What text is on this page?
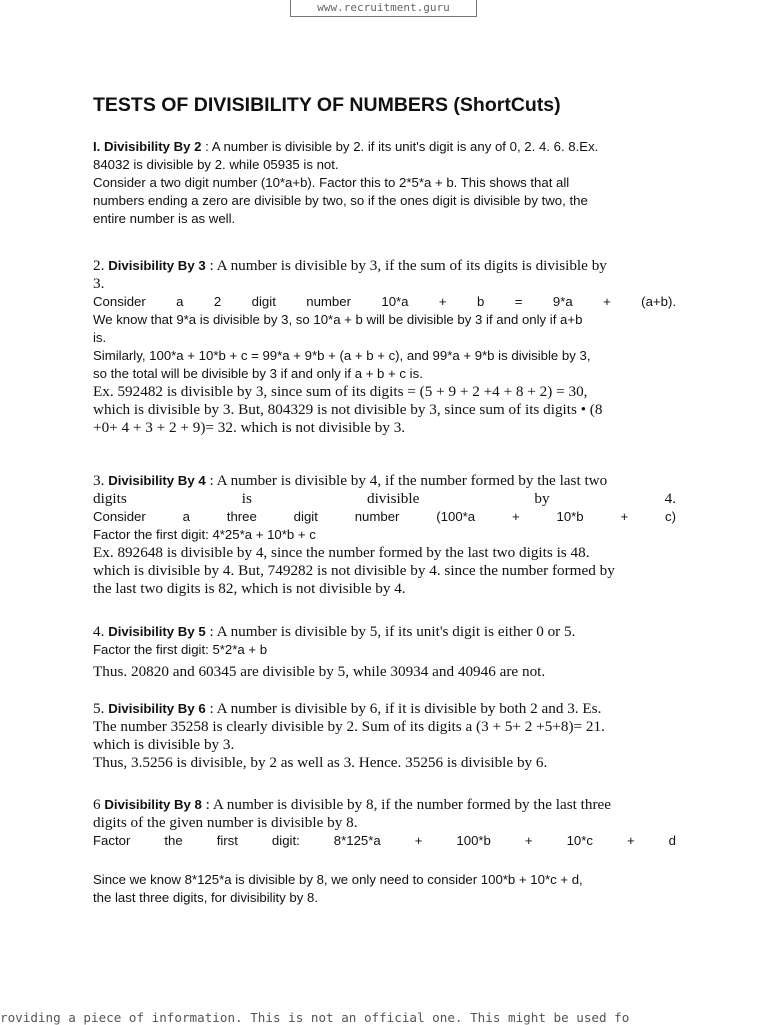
www.recruitment.guru
TESTS OF DIVISIBILITY OF NUMBERS (ShortCuts)
I. Divisibility By 2 : A number is divisible by 2. if its unit's digit is any of 0, 2. 4. 6. 8.Ex.
84032 is divisible by 2. while 05935 is not.
Consider a two digit number (10*a+b). Factor this to 2*5*a + b. This shows that all
numbers ending a zero are divisible by two, so if the ones digit is divisible by two, the
entire number is as well.
2. Divisibility By 3 : A number is divisible by 3, if the sum of its digits is divisible by
3.
Consider a 2 digit number 10*a + b = 9*a + (a+b).
We know that 9*a is divisible by 3, so 10*a + b will be divisible by 3 if and only if a+b
is.
Similarly, 100*a + 10*b + c = 99*a + 9*b + (a + b + c), and 99*a + 9*b is divisible by 3,
so the total will be divisible by 3 if and only if a + b + c is.
Ex. 592482 is divisible by 3, since sum of its digits = (5 + 9 + 2 +4 + 8 + 2) = 30,
which is divisible by 3. But, 804329 is not divisible by 3, since sum of its digits • (8
+0+ 4 + 3 + 2 + 9)= 32. which is not divisible by 3.
3. Divisibility By 4 : A number is divisible by 4, if the number formed by the last two
digits is divisible by 4.
Consider a three digit number (100*a + 10*b + c)
Factor the first digit: 4*25*a + 10*b + c
Ex. 892648 is divisible by 4, since the number formed by the last two digits is 48.
which is divisible by 4. But, 749282 is not divisible by 4. since the number formed by
the last two digits is 82, which is not divisible by 4.
4. Divisibility By 5 : A number is divisible by 5, if its unit's digit is either 0 or 5.
Factor the first digit: 5*2*a + b
Thus. 20820 and 60345 are divisible by 5, while 30934 and 40946 are not.
5. Divisibility By 6 : A number is divisible by 6, if it is divisible by both 2 and 3. Es.
The number 35258 is clearly divisible by 2. Sum of its digits a (3 + 5+ 2 +5+8)= 21.
which is divisible by 3.
Thus, 3.5256 is divisible, by 2 as well as 3. Hence. 35256 is divisible by 6.
6 Divisibility By 8 : A number is divisible by 8, if the number formed by the last three
digits of the given number is divisible by 8.
Factor the first digit: 8*125*a + 100*b + 10*c + d
Since we know 8*125*a is divisible by 8, we only need to consider 100*b + 10*c + d,
the last three digits, for divisibility by 8.
roviding a piece of information. This is not an official one. This might be used fo
